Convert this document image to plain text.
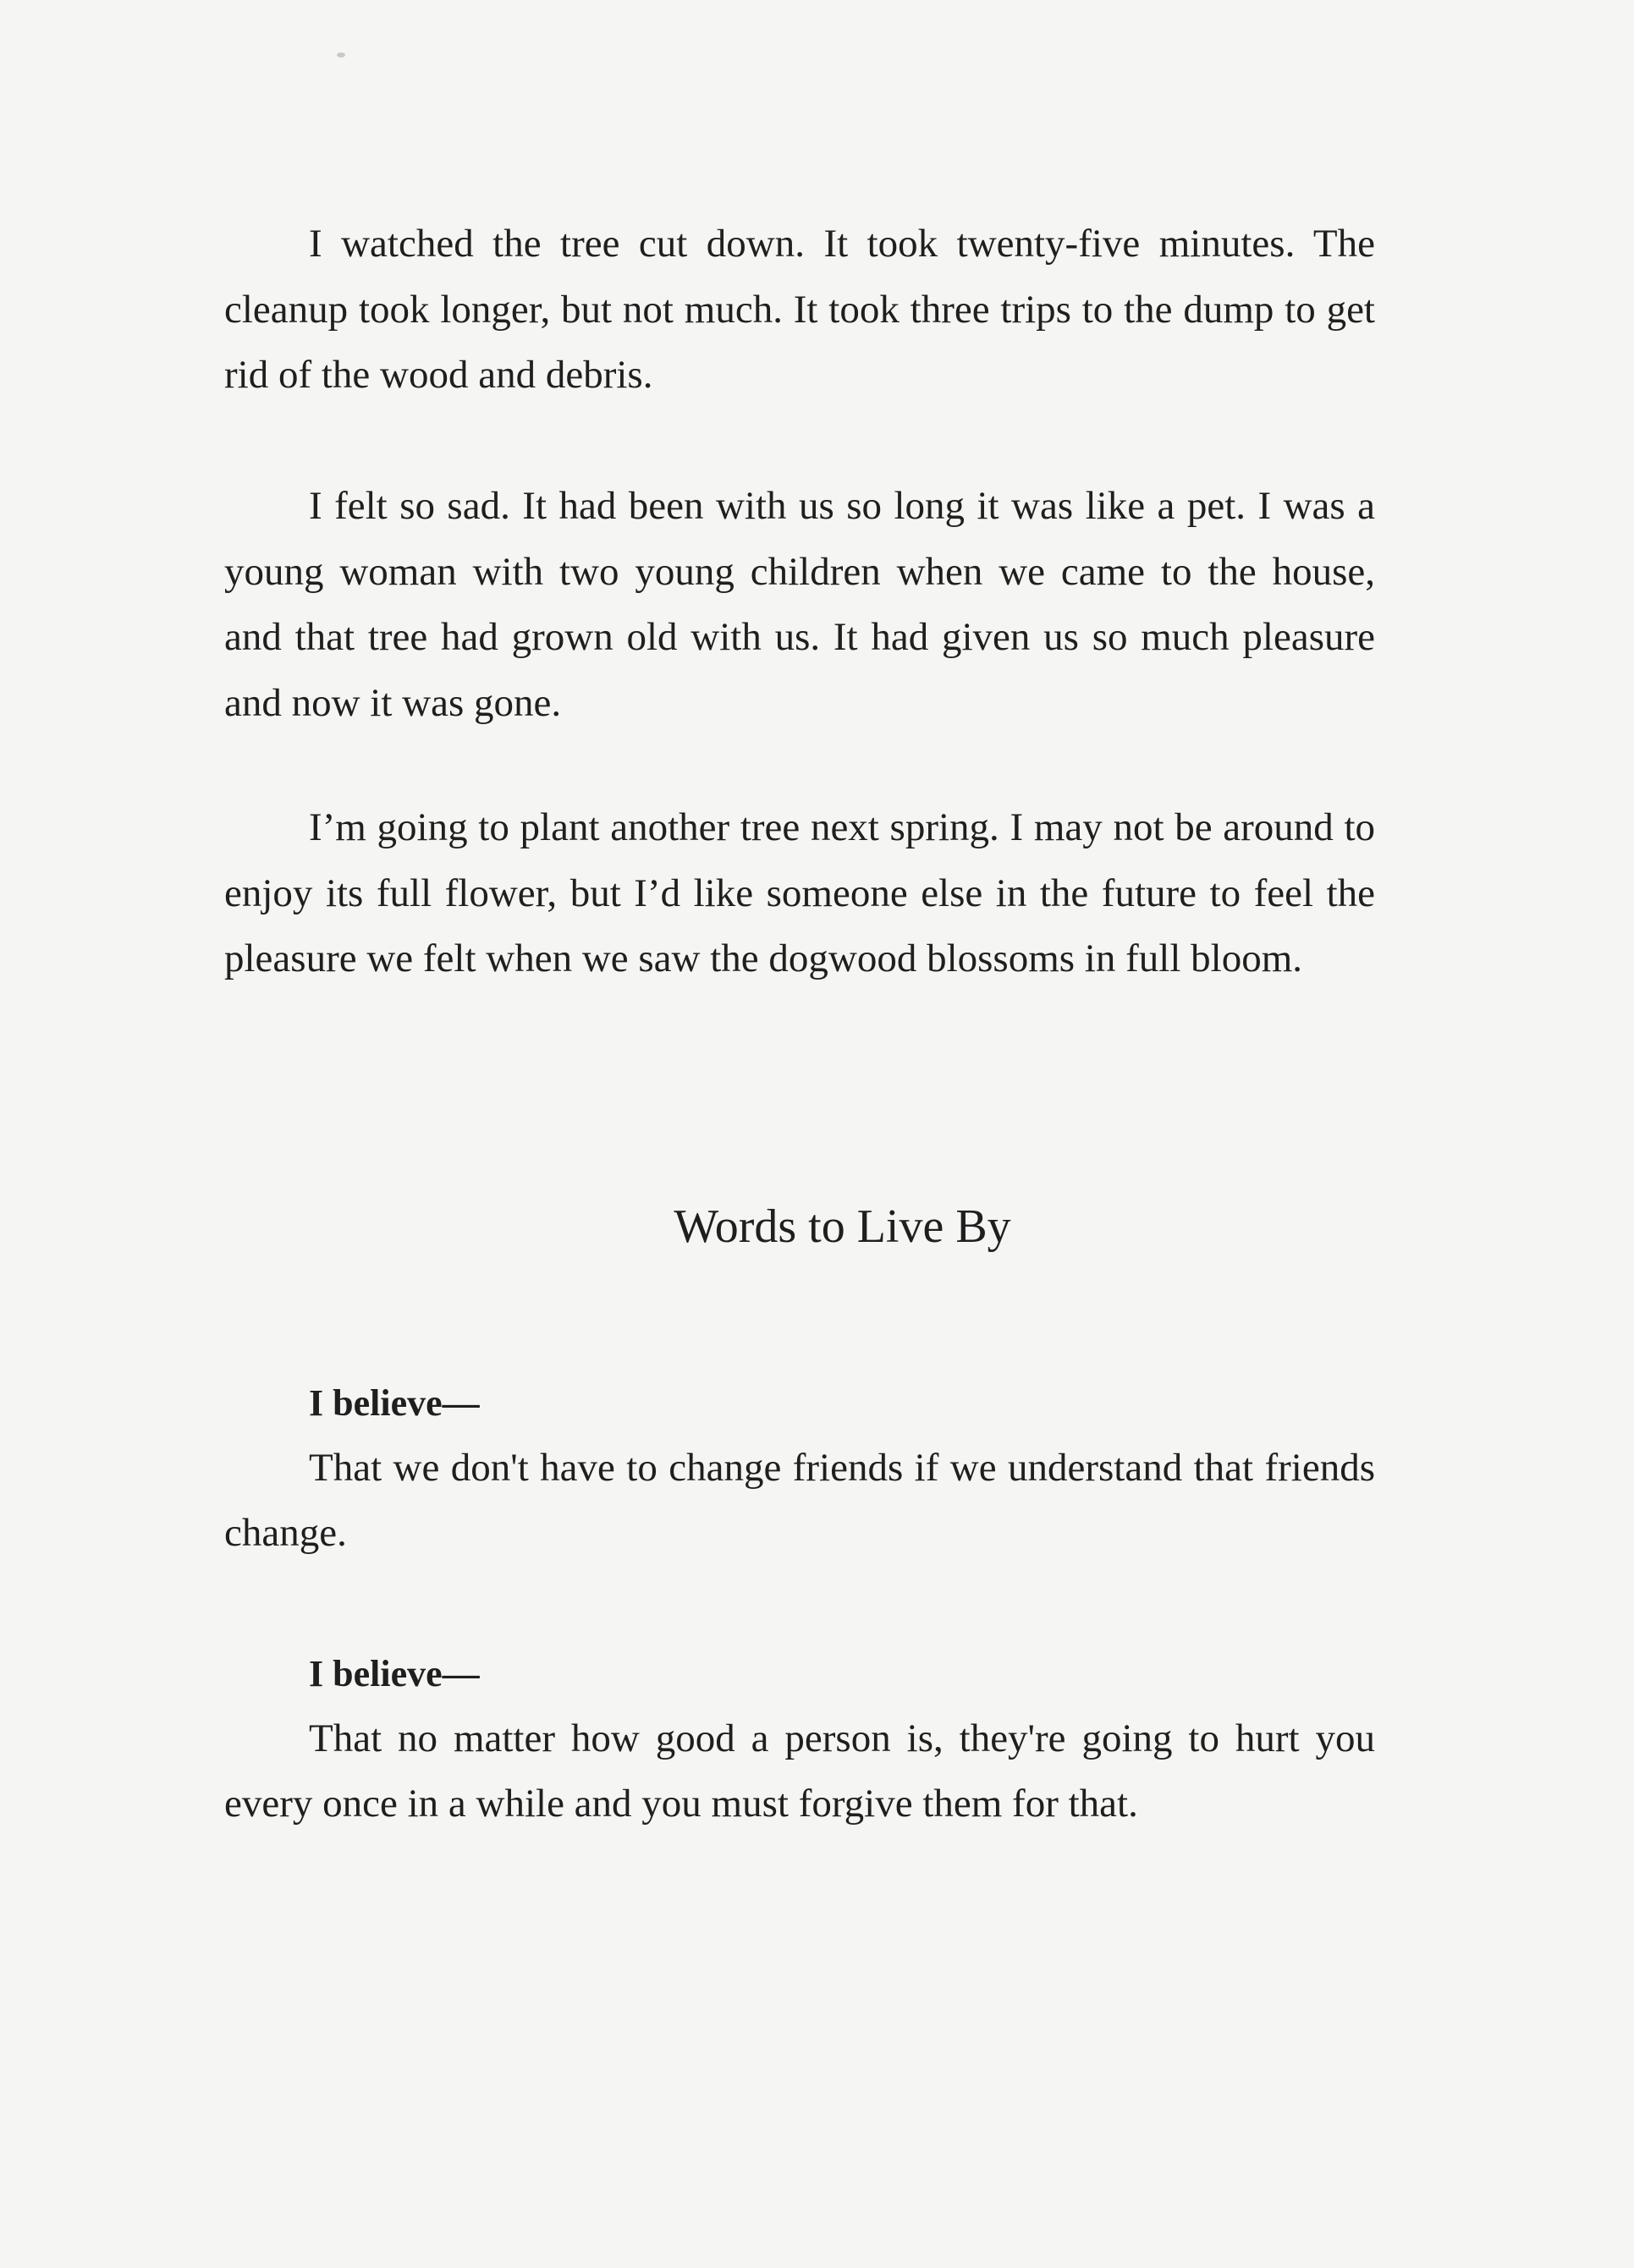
I watched the tree cut down. It took twenty-five minutes. The cleanup took longer, but not much. It took three trips to the dump to get rid of the wood and debris.

I felt so sad. It had been with us so long it was like a pet. I was a young woman with two young children when we came to the house, and that tree had grown old with us. It had given us so much pleasure and now it was gone.

I’m going to plant another tree next spring. I may not be around to enjoy its full flower, but I’d like someone else in the future to feel the pleasure we felt when we saw the dogwood blossoms in full bloom.

Words to Live By
I believe—
That we don't have to change friends if we understand that friends change.
I believe—
That no matter how good a person is, they're going to hurt you every once in a while and you must forgive them for that.
